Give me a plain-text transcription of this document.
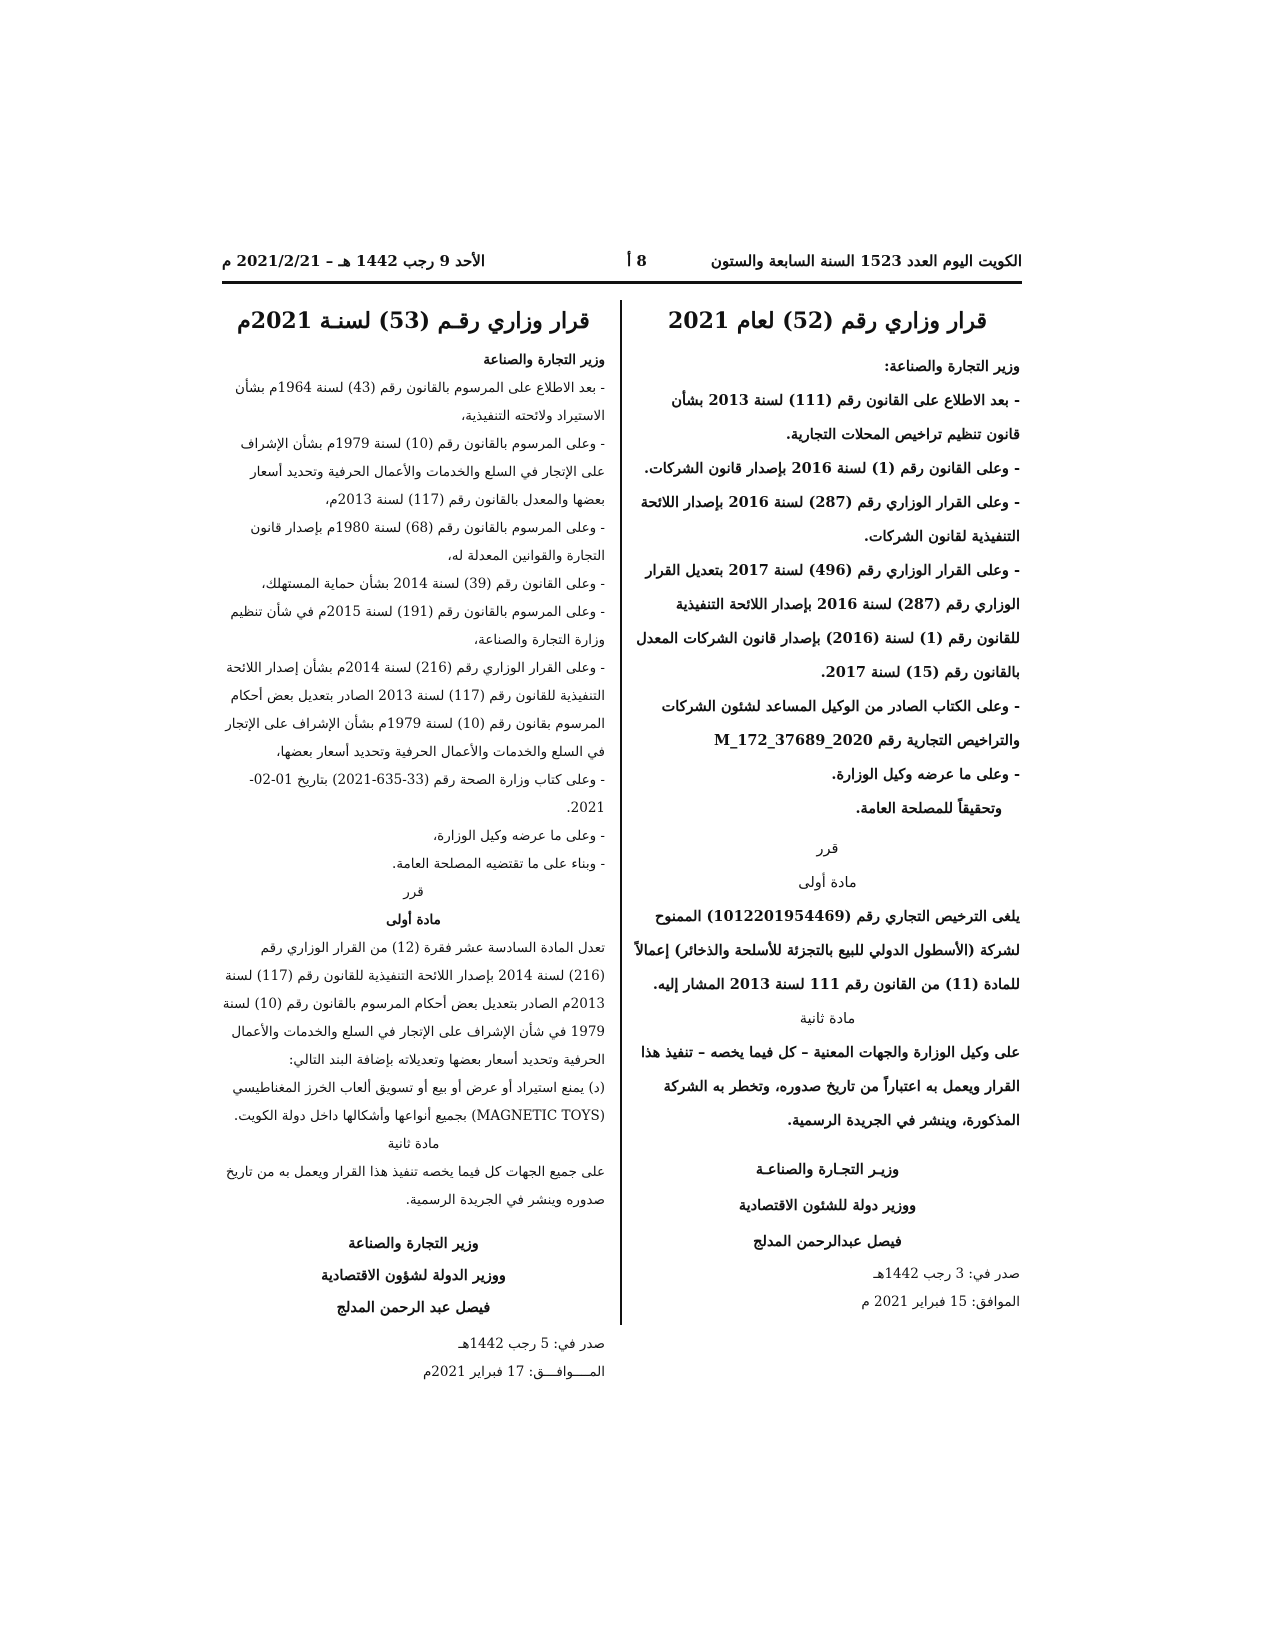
الكويت اليوم العدد 1523 السنة السابعة والستون
8 أ
الأحد 9 رجب 1442 هـ – 2021/2/21 م
قرار وزاري رقم (52) لعام 2021

وزير التجارة والصناعة:

- بعد الاطلاع على القانون رقم (111) لسنة 2013 بشأن قانون تنظيم تراخيص المحلات التجارية.

- وعلى القانون رقم (1) لسنة 2016 بإصدار قانون الشركات.

- وعلى القرار الوزاري رقم (287) لسنة 2016 بإصدار اللائحة التنفيذية لقانون الشركات.

- وعلى القرار الوزاري رقم (496) لسنة 2017 بتعديل القرار الوزاري رقم (287) لسنة 2016 بإصدار اللائحة التنفيذية للقانون رقم (1) لسنة (2016) بإصدار قانون الشركات المعدل بالقانون رقم (15) لسنة 2017.

- وعلى الكتاب الصادر من الوكيل المساعد لشئون الشركات والتراخيص التجارية رقم M_172_37689_2020

- وعلى ما عرضه وكيل الوزارة.

وتحقيقاً للمصلحة العامة.

قرر

مادة أولى

يلغى الترخيص التجاري رقم (1012201954469) الممنوح لشركة (الأسطول الدولي للبيع بالتجزئة للأسلحة والذخائر) إعمالاً للمادة (11) من القانون رقم 111 لسنة 2013 المشار إليه.

مادة ثانية

على وكيل الوزارة والجهات المعنية – كل فيما يخصه – تنفيذ هذا القرار ويعمل به اعتباراً من تاريخ صدوره، وتخطر به الشركة المذكورة، وينشر في الجريدة الرسمية.

وزيـر التجـارة والصناعـة

ووزير دولة للشئون الاقتصادية

فيصل عبدالرحمن المدلج

صدر في: 3 رجب 1442هـ

الموافق: 15 فبراير 2021 م

قرار وزاري رقـم (53) لسنـة 2021م

وزير التجارة والصناعة

- بعد الاطلاع على المرسوم بالقانون رقم (43) لسنة 1964م بشأن الاستيراد ولائحته التنفيذية،

- وعلى المرسوم بالقانون رقم (10) لسنة 1979م بشأن الإشراف على الإتجار في السلع والخدمات والأعمال الحرفية وتحديد أسعار بعضها والمعدل بالقانون رقم (117) لسنة 2013م،

- وعلى المرسوم بالقانون رقم (68) لسنة 1980م بإصدار قانون التجارة والقوانين المعدلة له،

- وعلى القانون رقم (39) لسنة 2014 بشأن حماية المستهلك،

- وعلى المرسوم بالقانون رقم (191) لسنة 2015م في شأن تنظيم وزارة التجارة والصناعة،

- وعلى القرار الوزاري رقم (216) لسنة 2014م بشأن إصدار اللائحة التنفيذية للقانون رقم (117) لسنة 2013 الصادر بتعديل بعض أحكام المرسوم بقانون رقم (10) لسنة 1979م بشأن الإشراف على الإتجار في السلع والخدمات والأعمال الحرفية وتحديد أسعار بعضها،

- وعلى كتاب وزارة الصحة رقم (33-635-2021) بتاريخ 01-02-2021.

- وعلى ما عرضه وكيل الوزارة،

- وبناء على ما تقتضيه المصلحة العامة.

قرر

مادة أولى

تعدل المادة السادسة عشر فقرة (12) من القرار الوزاري رقم (216) لسنة 2014 بإصدار اللائحة التنفيذية للقانون رقم (117) لسنة 2013م الصادر بتعديل بعض أحكام المرسوم بالقانون رقم (10) لسنة 1979 في شأن الإشراف على الإتجار في السلع والخدمات والأعمال الحرفية وتحديد أسعار بعضها وتعديلاته بإضافة البند التالي:

(د) يمنع استيراد أو عرض أو بيع أو تسويق ألعاب الخرز المغناطيسي (MAGNETIC TOYS) بجميع أنواعها وأشكالها داخل دولة الكويت.

مادة ثانية

على جميع الجهات كل فيما يخصه تنفيذ هذا القرار ويعمل به من تاريخ صدوره وينشر في الجريدة الرسمية.

وزير التجارة والصناعة

ووزير الدولة لشؤون الاقتصادية

فيصل عبد الرحمن المدلج

صدر في: 5 رجب 1442هـ

المــــوافـــق: 17 فبراير 2021م
